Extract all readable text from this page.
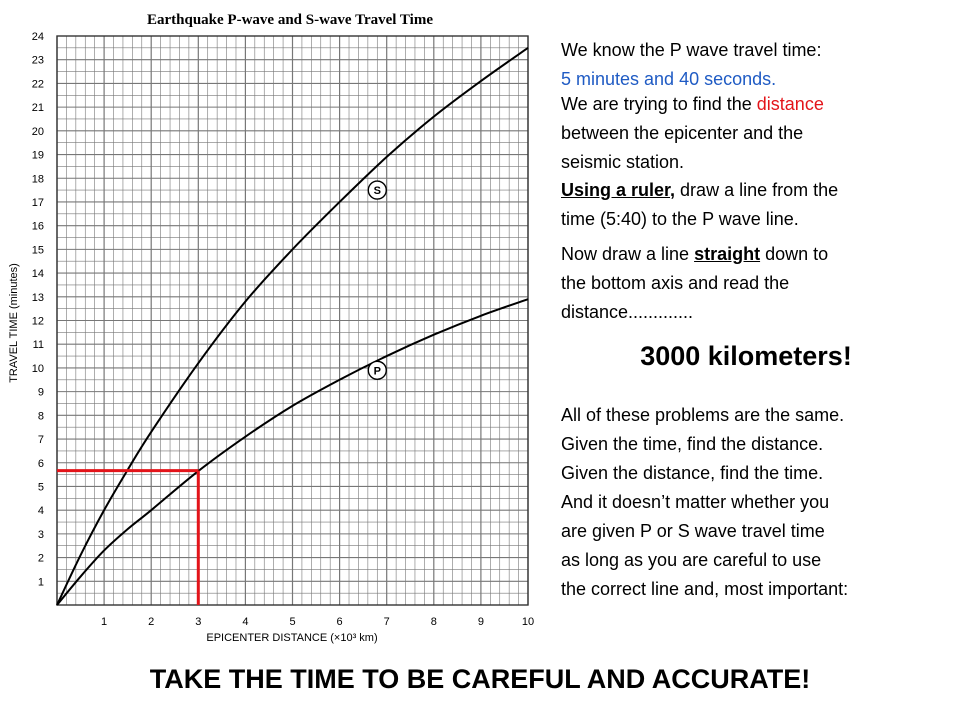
Earthquake P-wave and S-wave Travel Time
1	2	3	4	5	6	7	8	9	10
1
2
3
4
5
6
7
8
9
10
11
12
13
14
15
16
17
18
19
20
21
22
23
24
S
P
EPICENTER DISTANCE (×10³ km)
TRAVEL TIME (minutes)
We know the P wave travel time:
5 minutes and 40 seconds.
We are trying to find the distance
between the epicenter and the
seismic station.
Using a ruler, draw a line from the
time (5:40) to the P wave line.
Now draw a line straight down to
the bottom axis and read the
distance.............
3000 kilometers!
All of these problems are the same.
Given the time, find the distance.
Given the distance, find the time.
And it doesn’t matter whether you
are given P or S wave travel time
as long as you are careful to use
the correct line and, most important:
TAKE THE TIME TO BE CAREFUL AND ACCURATE!
